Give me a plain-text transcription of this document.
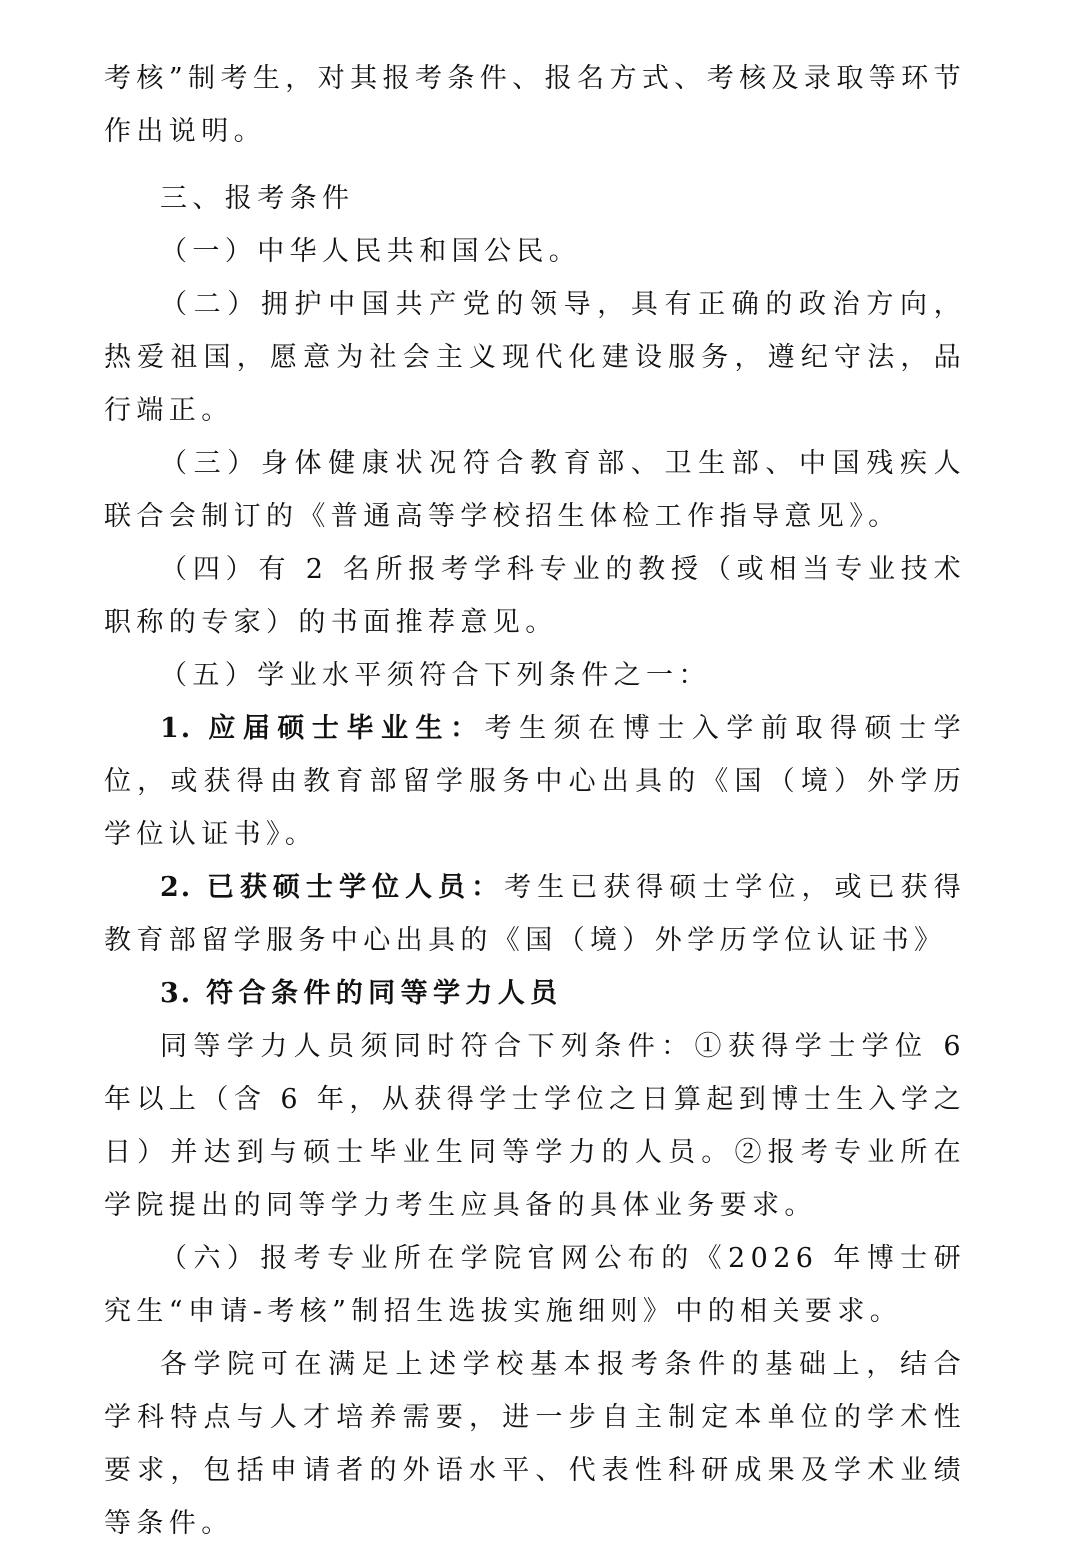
考核”制考生，对其报考条件、报名方式、考核及录取等环节作出说明。

三、报考条件

（一）中华人民共和国公民。

（二）拥护中国共产党的领导，具有正确的政治方向，热爱祖国，愿意为社会主义现代化建设服务，遵纪守法，品行端正。

（三）身体健康状况符合教育部、卫生部、中国残疾人联合会制订的《普通高等学校招生体检工作指导意见》。

（四）有 2 名所报考学科专业的教授（或相当专业技术职称的专家）的书面推荐意见。

（五）学业水平须符合下列条件之一：

1. 应届硕士毕业生：考生须在博士入学前取得硕士学位，或获得由教育部留学服务中心出具的《国（境）外学历学位认证书》。

2. 已获硕士学位人员：考生已获得硕士学位，或已获得教育部留学服务中心出具的《国（境）外学历学位认证书》

3. 符合条件的同等学力人员

同等学力人员须同时符合下列条件：①获得学士学位 6 年以上（含 6 年，从获得学士学位之日算起到博士生入学之日）并达到与硕士毕业生同等学力的人员。②报考专业所在学院提出的同等学力考生应具备的具体业务要求。

（六）报考专业所在学院官网公布的《2026 年博士研究生“申请-考核”制招生选拔实施细则》中的相关要求。

各学院可在满足上述学校基本报考条件的基础上，结合学科特点与人才培养需要，进一步自主制定本单位的学术性要求，包括申请者的外语水平、代表性科研成果及学术业绩等条件。
